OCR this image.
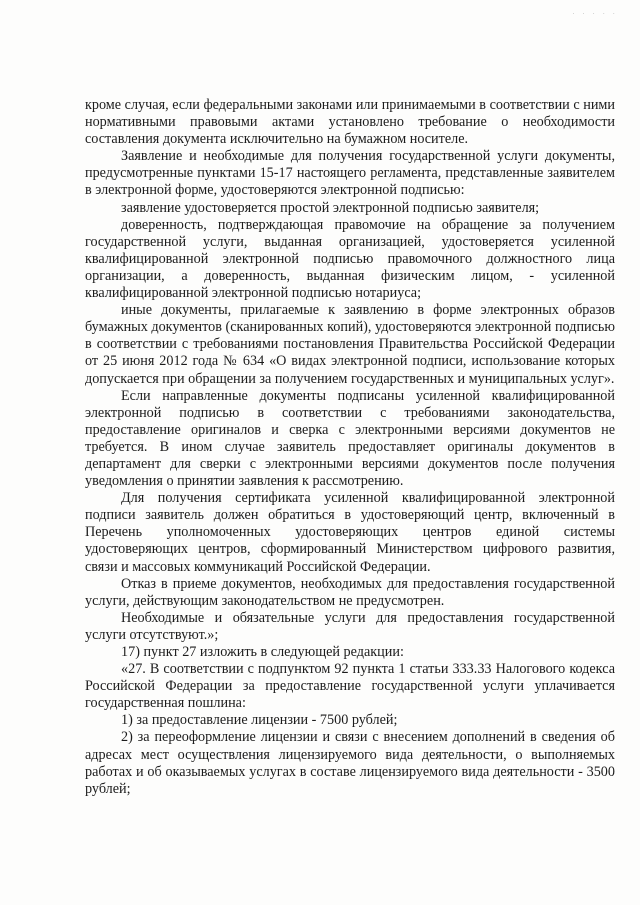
· · · · ·

кроме случая, если федеральными законами или принимаемыми в соответствии с ними нормативными правовыми актами установлено требование о необходимости составления документа исключительно на бумажном носителе.

Заявление и необходимые для получения государственной услуги документы, предусмотренные пунктами 15-17 настоящего регламента, представленные заявителем в электронной форме, удостоверяются электронной подписью:

заявление удостоверяется простой электронной подписью заявителя;

доверенность, подтверждающая правомочие на обращение за получением государственной услуги, выданная организацией, удостоверяется усиленной квалифицированной электронной подписью правомочного должностного лица организации, а доверенность, выданная физическим лицом, - усиленной квалифицированной электронной подписью нотариуса;

иные документы, прилагаемые к заявлению в форме электронных образов бумажных документов (сканированных копий), удостоверяются электронной подписью в соответствии с требованиями постановления Правительства Российской Федерации от 25 июня 2012 года № 634 «О видах электронной подписи, использование которых допускается при обращении за получением государственных и муниципальных услуг».

Если направленные документы подписаны усиленной квалифицированной электронной подписью в соответствии с требованиями законодательства, предоставление оригиналов и сверка с электронными версиями документов не требуется. В ином случае заявитель предоставляет оригиналы документов в департамент для сверки с электронными версиями документов после получения уведомления о принятии заявления к рассмотрению.

Для получения сертификата усиленной квалифицированной электронной подписи заявитель должен обратиться в удостоверяющий центр, включенный в Перечень уполномоченных удостоверяющих центров единой системы удостоверяющих центров, сформированный Министерством цифрового развития, связи и массовых коммуникаций Российской Федерации.

Отказ в приеме документов, необходимых для предоставления государственной услуги, действующим законодательством не предусмотрен.

Необходимые и обязательные услуги для предоставления государственной услуги отсутствуют.»;

17) пункт 27 изложить в следующей редакции:

«27. В соответствии с подпунктом 92 пункта 1 статьи 333.33 Налогового кодекса Российской Федерации за предоставление государственной услуги уплачивается государственная пошлина:

1) за предоставление лицензии - 7500 рублей;

2) за переоформление лицензии и связи с внесением дополнений в сведения об адресах мест осуществления лицензируемого вида деятельности, о выполняемых работах и об оказываемых услугах в составе лицензируемого вида деятельности - 3500 рублей;
